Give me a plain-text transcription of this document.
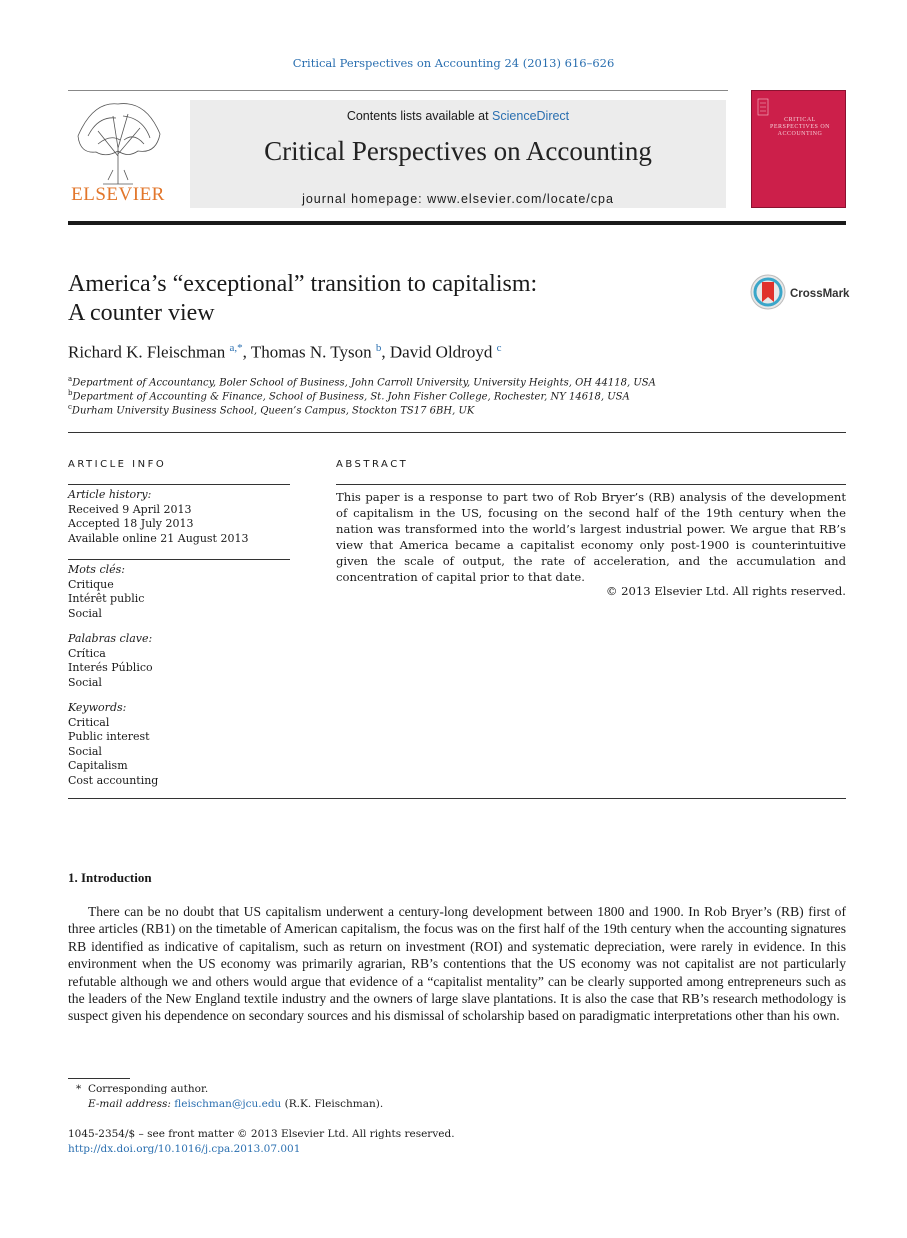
Critical Perspectives on Accounting 24 (2013) 616–626
ELSEVIER
Contents lists available at ScienceDirect
Critical Perspectives on Accounting
journal homepage: www.elsevier.com/locate/cpa
CRITICAL PERSPECTIVES ON ACCOUNTING
America’s “exceptional” transition to capitalism:
A counter view
CrossMark
Richard K. Fleischman $^{a,*}$, Thomas N. Tyson $^b$, David Oldroyd $^c$
$^a$Department of Accountancy, Boler School of Business, John Carroll University, University Heights, OH 44118, USA
$^b$Department of Accounting & Finance, School of Business, St. John Fisher College, Rochester, NY 14618, USA
$^c$Durham University Business School, Queen’s Campus, Stockton TS17 6BH, UK
ARTICLE INFO	ABSTRACT
Article history:
Received 9 April 2013
Accepted 18 July 2013
Available online 21 August 2013
Mots clés:
Critique
Intérêt public
Social
Palabras clave:
Crítica
Interés Público
Social
Keywords:
Critical
Public interest
Social
Capitalism
Cost accounting
This paper is a response to part two of Rob Bryer’s (RB) analysis of the development of capitalism in the US, focusing on the second half of the 19th century when the nation was transformed into the world’s largest industrial power. We argue that RB’s view that America became a capitalist economy only post-1900 is counterintuitive given the scale of output, the rate of acceleration, and the accumulation and concentration of capital prior to that date.
© 2013 Elsevier Ltd. All rights reserved.
1. Introduction
There can be no doubt that US capitalism underwent a century-long development between 1800 and 1900. In Rob Bryer’s (RB) first of three articles (RB1) on the timetable of American capitalism, the focus was on the first half of the 19th century when the accounting signatures RB identified as indicative of capitalism, such as return on investment (ROI) and systematic depreciation, were rarely in evidence. In this environment when the US economy was primarily agrarian, RB’s contentions that the US economy was not capitalist are not particularly refutable although we and others would argue that evidence of a “capitalist mentality” can be clearly supported among entrepreneurs such as the leaders of the New England textile industry and the owners of large slave plantations. It is also the case that RB’s research methodology is suspect given his dependence on secondary sources and his dismissal of scholarship based on paradigmatic interpretations other than his own.
* Corresponding author.
E-mail address: fleischman@jcu.edu (R.K. Fleischman).
1045-2354/$ – see front matter © 2013 Elsevier Ltd. All rights reserved.
http://dx.doi.org/10.1016/j.cpa.2013.07.001
